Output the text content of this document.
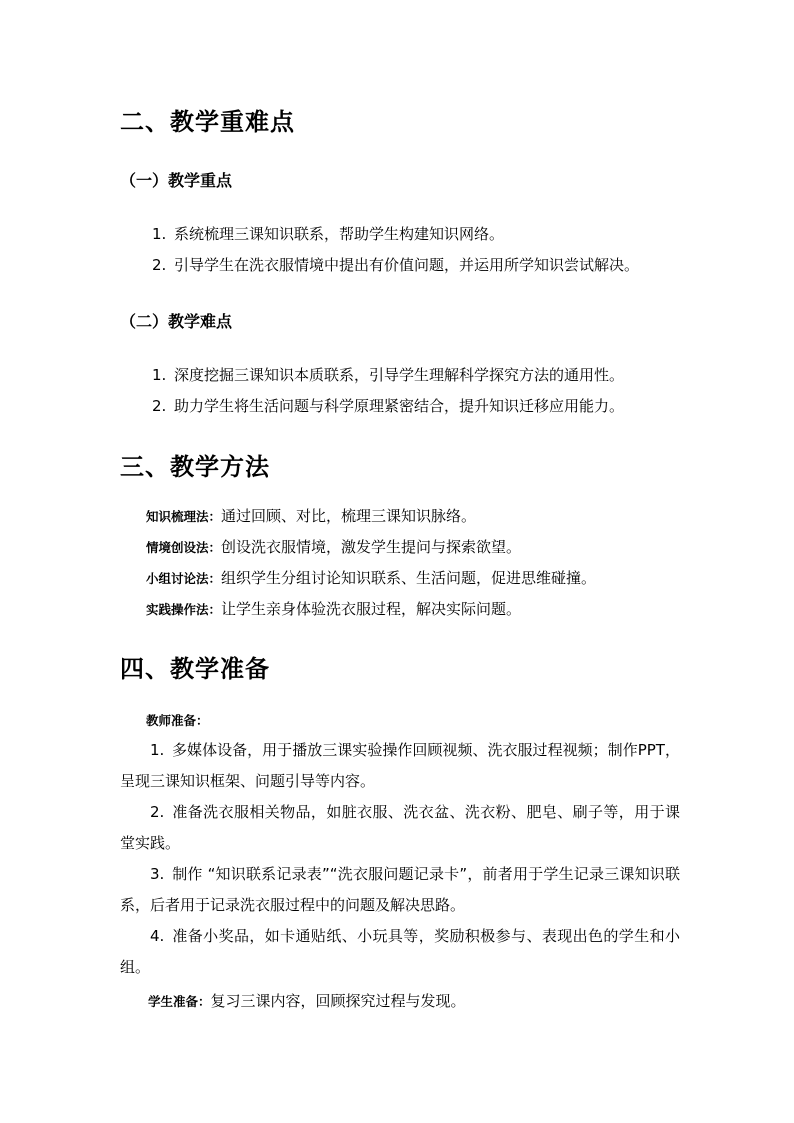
二、教学重难点
（一）教学重点
1. 系统梳理三课知识联系，帮助学生构建知识网络。
2. 引导学生在洗衣服情境中提出有价值问题，并运用所学知识尝试解决。
（二）教学难点
1. 深度挖掘三课知识本质联系，引导学生理解科学探究方法的通用性。
2. 助力学生将生活问题与科学原理紧密结合，提升知识迁移应用能力。
三、教学方法
知识梳理法：通过回顾、对比，梳理三课知识脉络。
情境创设法：创设洗衣服情境，激发学生提问与探索欲望。
小组讨论法：组织学生分组讨论知识联系、生活问题，促进思维碰撞。
实践操作法：让学生亲身体验洗衣服过程，解决实际问题。
四、教学准备
教师准备：
1. 多媒体设备，用于播放三课实验操作回顾视频、洗衣服过程视频；制作PPT，呈现三课知识框架、问题引导等内容。
2. 准备洗衣服相关物品，如脏衣服、洗衣盆、洗衣粉、肥皂、刷子等，用于课堂实践。
3. 制作 “知识联系记录表”“洗衣服问题记录卡”，前者用于学生记录三课知识联系，后者用于记录洗衣服过程中的问题及解决思路。
4. 准备小奖品，如卡通贴纸、小玩具等，奖励积极参与、表现出色的学生和小组。
学生准备：复习三课内容，回顾探究过程与发现。
